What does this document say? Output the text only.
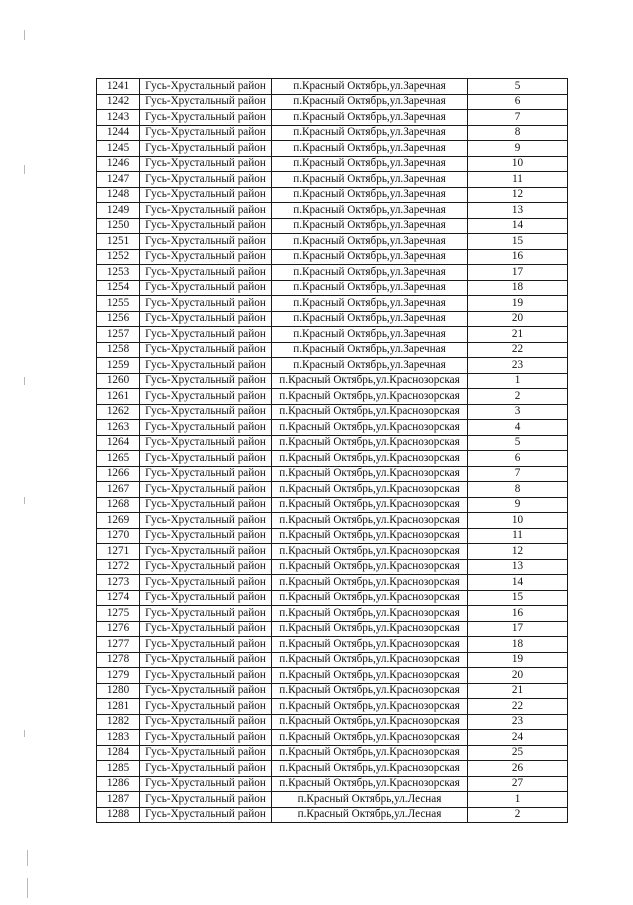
1241	Гусь-Хрустальный район	п.Красный Октябрь,ул.Заречная	5
1242	Гусь-Хрустальный район	п.Красный Октябрь,ул.Заречная	6
1243	Гусь-Хрустальный район	п.Красный Октябрь,ул.Заречная	7
1244	Гусь-Хрустальный район	п.Красный Октябрь,ул.Заречная	8
1245	Гусь-Хрустальный район	п.Красный Октябрь,ул.Заречная	9
1246	Гусь-Хрустальный район	п.Красный Октябрь,ул.Заречная	10
1247	Гусь-Хрустальный район	п.Красный Октябрь,ул.Заречная	11
1248	Гусь-Хрустальный район	п.Красный Октябрь,ул.Заречная	12
1249	Гусь-Хрустальный район	п.Красный Октябрь,ул.Заречная	13
1250	Гусь-Хрустальный район	п.Красный Октябрь,ул.Заречная	14
1251	Гусь-Хрустальный район	п.Красный Октябрь,ул.Заречная	15
1252	Гусь-Хрустальный район	п.Красный Октябрь,ул.Заречная	16
1253	Гусь-Хрустальный район	п.Красный Октябрь,ул.Заречная	17
1254	Гусь-Хрустальный район	п.Красный Октябрь,ул.Заречная	18
1255	Гусь-Хрустальный район	п.Красный Октябрь,ул.Заречная	19
1256	Гусь-Хрустальный район	п.Красный Октябрь,ул.Заречная	20
1257	Гусь-Хрустальный район	п.Красный Октябрь,ул.Заречная	21
1258	Гусь-Хрустальный район	п.Красный Октябрь,ул.Заречная	22
1259	Гусь-Хрустальный район	п.Красный Октябрь,ул.Заречная	23
1260	Гусь-Хрустальный район	п.Красный Октябрь,ул.Краснозорская	1
1261	Гусь-Хрустальный район	п.Красный Октябрь,ул.Краснозорская	2
1262	Гусь-Хрустальный район	п.Красный Октябрь,ул.Краснозорская	3
1263	Гусь-Хрустальный район	п.Красный Октябрь,ул.Краснозорская	4
1264	Гусь-Хрустальный район	п.Красный Октябрь,ул.Краснозорская	5
1265	Гусь-Хрустальный район	п.Красный Октябрь,ул.Краснозорская	6
1266	Гусь-Хрустальный район	п.Красный Октябрь,ул.Краснозорская	7
1267	Гусь-Хрустальный район	п.Красный Октябрь,ул.Краснозорская	8
1268	Гусь-Хрустальный район	п.Красный Октябрь,ул.Краснозорская	9
1269	Гусь-Хрустальный район	п.Красный Октябрь,ул.Краснозорская	10
1270	Гусь-Хрустальный район	п.Красный Октябрь,ул.Краснозорская	11
1271	Гусь-Хрустальный район	п.Красный Октябрь,ул.Краснозорская	12
1272	Гусь-Хрустальный район	п.Красный Октябрь,ул.Краснозорская	13
1273	Гусь-Хрустальный район	п.Красный Октябрь,ул.Краснозорская	14
1274	Гусь-Хрустальный район	п.Красный Октябрь,ул.Краснозорская	15
1275	Гусь-Хрустальный район	п.Красный Октябрь,ул.Краснозорская	16
1276	Гусь-Хрустальный район	п.Красный Октябрь,ул.Краснозорская	17
1277	Гусь-Хрустальный район	п.Красный Октябрь,ул.Краснозорская	18
1278	Гусь-Хрустальный район	п.Красный Октябрь,ул.Краснозорская	19
1279	Гусь-Хрустальный район	п.Красный Октябрь,ул.Краснозорская	20
1280	Гусь-Хрустальный район	п.Красный Октябрь,ул.Краснозорская	21
1281	Гусь-Хрустальный район	п.Красный Октябрь,ул.Краснозорская	22
1282	Гусь-Хрустальный район	п.Красный Октябрь,ул.Краснозорская	23
1283	Гусь-Хрустальный район	п.Красный Октябрь,ул.Краснозорская	24
1284	Гусь-Хрустальный район	п.Красный Октябрь,ул.Краснозорская	25
1285	Гусь-Хрустальный район	п.Красный Октябрь,ул.Краснозорская	26
1286	Гусь-Хрустальный район	п.Красный Октябрь,ул.Краснозорская	27
1287	Гусь-Хрустальный район	п.Красный Октябрь,ул.Лесная	1
1288	Гусь-Хрустальный район	п.Красный Октябрь,ул.Лесная	2
